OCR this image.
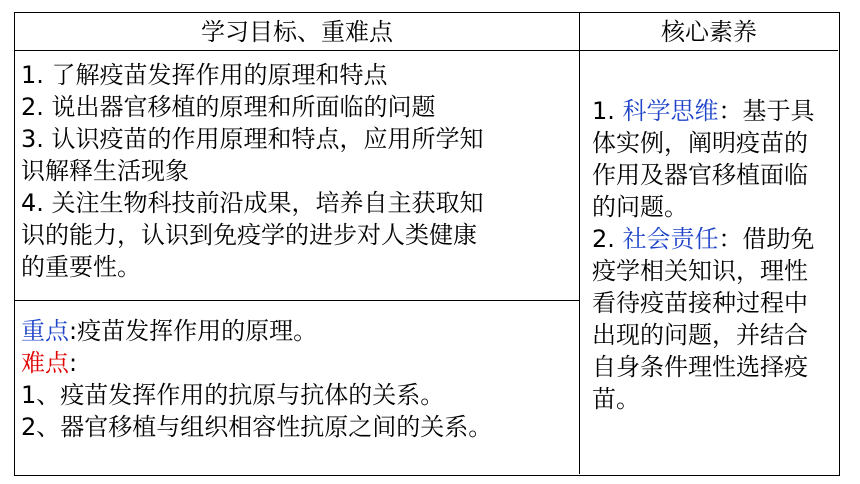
学习目标、重难点	核心素养
1. 了解疫苗发挥作用的原理和特点
2. 说出器官移植的原理和所面临的问题
3. 认识疫苗的作用原理和特点，应用所学知
识解释生活现象
4. 关注生物科技前沿成果，培养自主获取知
识的能力，认识到免疫学的进步对人类健康
的重要性。
重点:疫苗发挥作用的原理。
难点:
1、疫苗发挥作用的抗原与抗体的关系。
2、器官移植与组织相容性抗原之间的关系。
1. 科学思维：基于具体实例，阐明疫苗的作用及器官移植面临的问题。
2. 社会责任：借助免疫学相关知识，理性看待疫苗接种过程中出现的问题，并结合自身条件理性选择疫苗。
